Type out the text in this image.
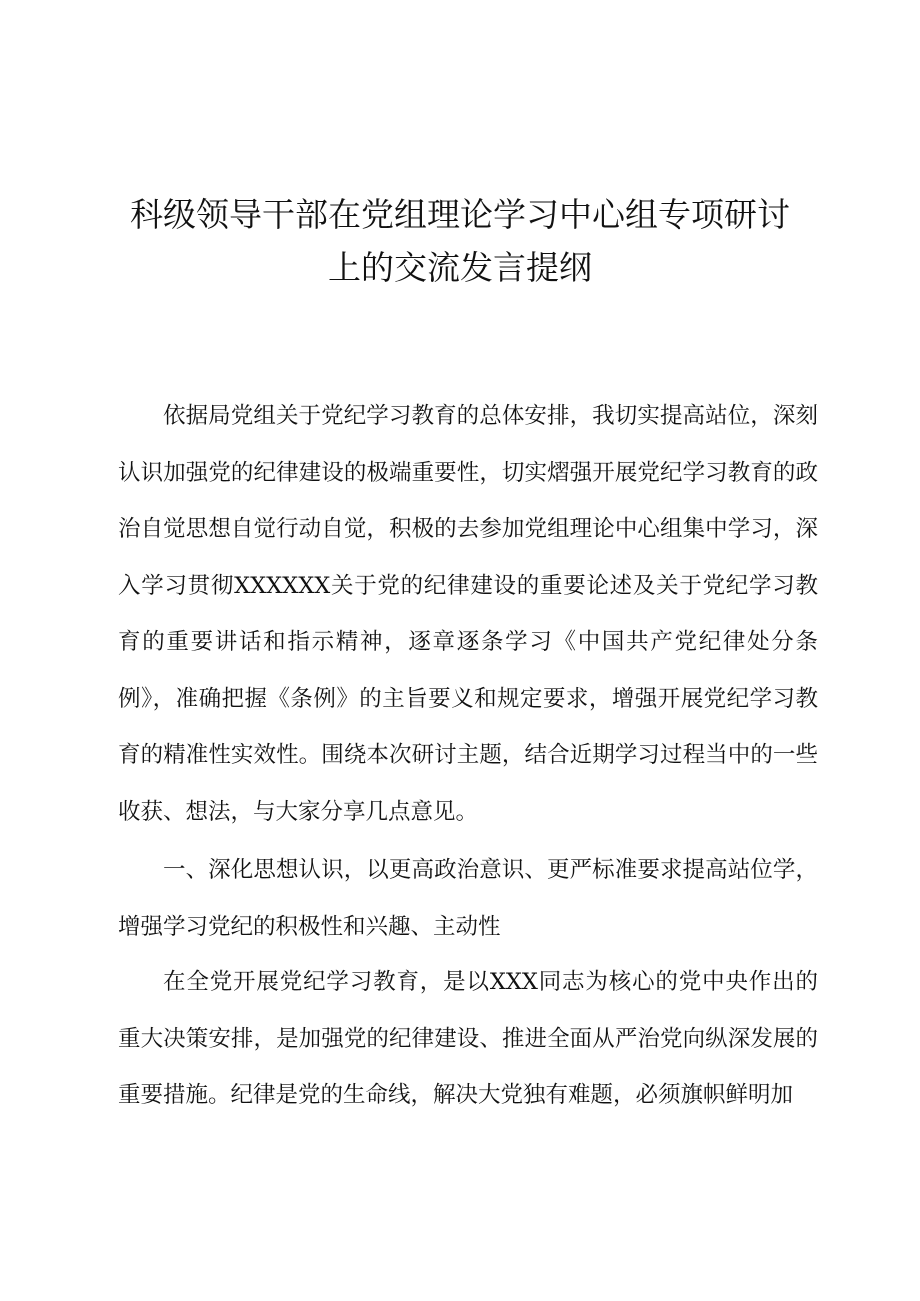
科级领导干部在党组理论学习中心组专项研讨
上的交流发言提纲

依据局党组关于党纪学习教育的总体安排，我切实提高站位，深刻认识加强党的纪律建设的极端重要性，切实熠强开展党纪学习教育的政治自觉思想自觉行动自觉，积极的去参加党组理论中心组集中学习，深入学习贯彻XXXXXX关于党的纪律建设的重要论述及关于党纪学习教育的重要讲话和指示精神，逐章逐条学习《中国共产党纪律处分条例》，准确把握《条例》的主旨要义和规定要求，增强开展党纪学习教育的精准性实效性。围绕本次研讨主题，结合近期学习过程当中的一些收获、想法，与大家分享几点意见。

一、深化思想认识，以更高政治意识、更严标准要求提高站位学，增强学习党纪的积极性和兴趣、主动性

在全党开展党纪学习教育，是以XXX同志为核心的党中央作出的重大决策安排，是加强党的纪律建设、推进全面从严治党向纵深发展的重要措施。纪律是党的生命线，解决大党独有难题，必须旗帜鲜明加
